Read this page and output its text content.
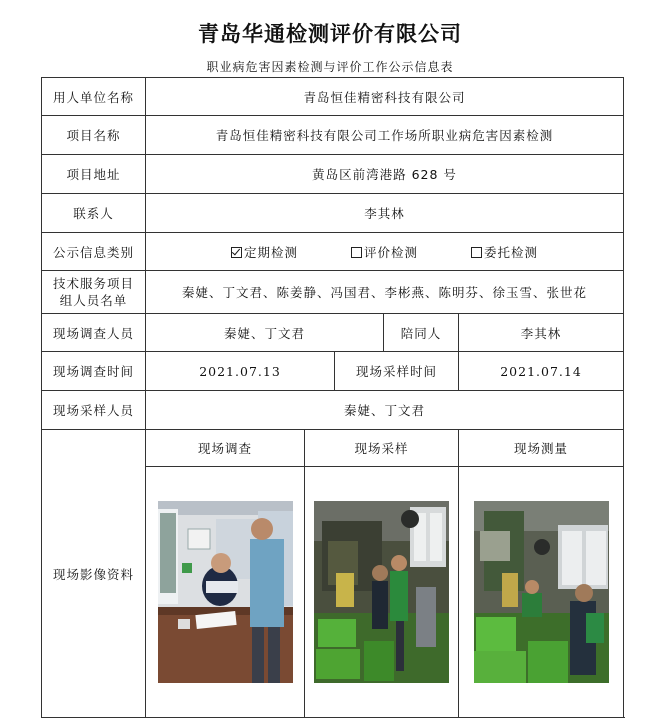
青岛华通检测评价有限公司
职业病危害因素检测与评价工作公示信息表
用人单位名称	青岛恒佳精密科技有限公司				
项目名称	青岛恒佳精密科技有限公司工作场所职业病危害因素检测				
项目地址	黄岛区前湾港路 628 号				
联系人	李其林				
公示信息类别	定期检测 评价检测 委托检测				

技术服务项目
组人员名单	秦婕、丁文君、陈姜静、冯国君、李彬燕、陈明芬、徐玉雪、张世花				
现场调查人员	秦婕、丁文君			陪同人	李其林
现场调查时间	2021.07.13		现场采样时间		2021.07.14
现场采样人员	秦婕、丁文君				
现场影像资料	现场调查	现场采样			现场测量
